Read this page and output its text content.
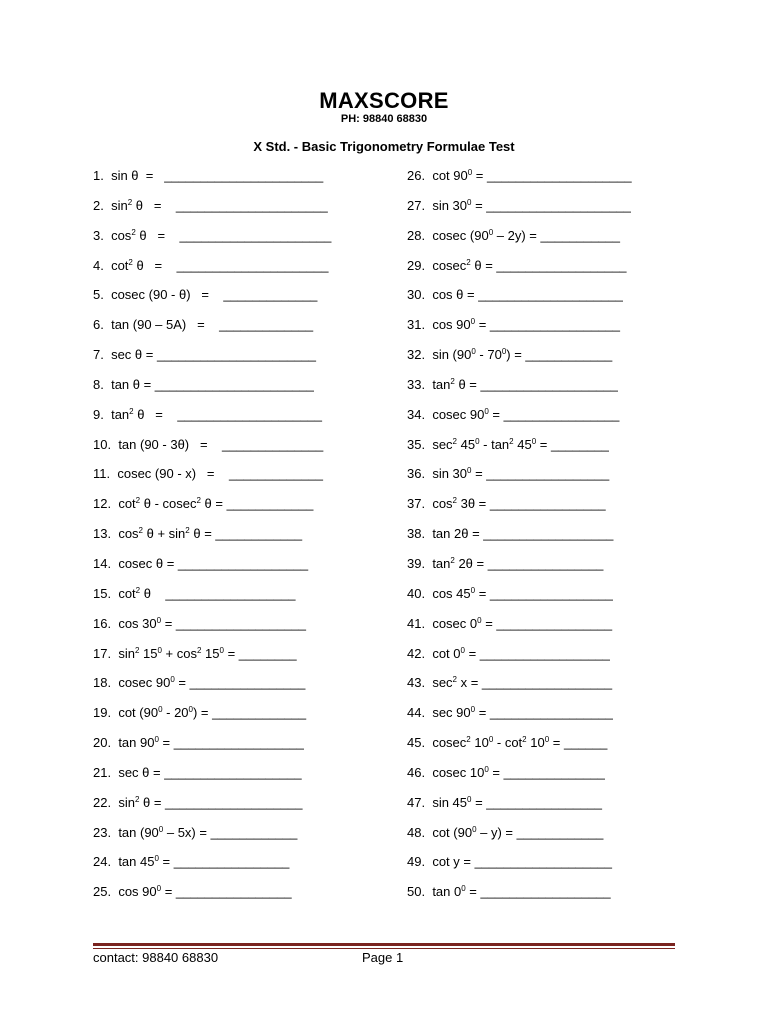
MAXSCORE
PH: 98840 68830
X Std. - Basic Trigonometry Formulae Test
1. sin θ  =   ______________________
2. $\sin^2 \theta$   =    _____________________
3. $\cos^2 \theta$   =    _____________________
4. $\cot^2 \theta$   =    _____________________
5. cosec (90 - θ)   =    _____________
6. tan (90 – 5A)   =    _____________
7. sec θ = ______________________
8. tan θ = ______________________
9. $\tan^2 \theta$   =    ____________________
10. tan (90 - 3θ)   =    ______________
11. cosec (90 - x)   =    _____________
12. $\cot^2 \theta - cosec^2$ θ = ____________
13. $\cos^2 \theta + \sin^2 \theta$ = ____________
14. cosec θ = __________________
15. $\cot^2 \theta$    __________________
16. $\cos 30^0$ = __________________
17. $\sin^2 15^0 + \cos^2 15^0$ = ________
18. cosec $90^0$ = ________________
19. $\cot (90^0 - 20^0)$ = _____________
20. $\tan 90^0$ = __________________
21. sec θ = ___________________
22. $\sin^2 \theta$ = ___________________
23. $\tan (90^0 - 5x)$ = ____________
24. $\tan 45^0$ = ________________
25. $\cos 90^0$ = ________________
26. $\cot 90^0$ = ____________________
27. $\sin 30^0$ = ____________________
28. cosec $(90^0 - 2y)$ = ___________
29. cosec$^2$ θ = __________________
30. cos θ = ____________________
31. $\cos 90^0$ = __________________
32. $\sin (90^0 - 70^0)$ = ____________
33. $\tan^2 \theta$ = ___________________
34. cosec $90^0$ = ________________
35. $\sec^2 45^0 - \tan^2 45^0$ = ________
36. $\sin 30^0$ = _________________
37. $\cos^2 3\theta$ = ________________
38. tan 2θ = __________________
39. $\tan^2 2\theta$ = ________________
40. $\cos 45^0$ = _________________
41. cosec $0^0$ = ________________
42. $\cot 0^0$ = __________________
43. $\sec^2 x$ = __________________
44. $\sec 90^0$ = _________________
45. cosec$^2$ $10^0 - \cot^2 10^0$ = ______
46. cosec $10^0$ = ______________
47. $\sin 45^0$ = ________________
48. $\cot (90^0 - y)$ = ____________
49. cot y = ___________________
50. $\tan 0^0$ = __________________
contact: 98840 68830	Page 1
